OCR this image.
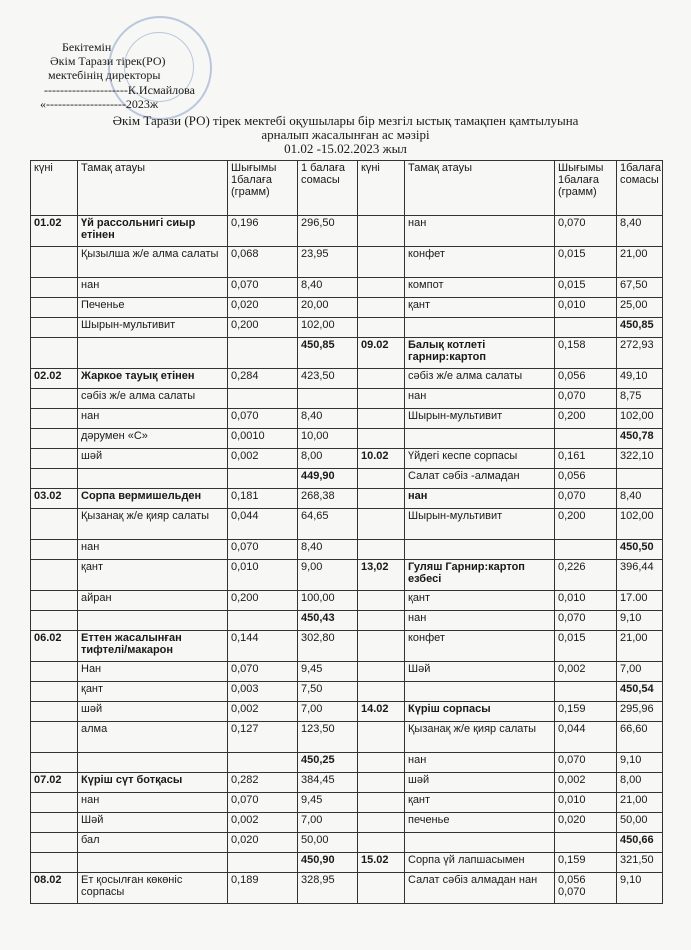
Бекітемін
Әкім Тарази тірек(РО)
мектебінің директоры
---------------------К.Исмайлова
«--------------------2023ж
Әкім Тарази (РО) тірек мектебі оқушылары бір мезгіл ыстық тамақпен қамтылуына
арналып жасалынған ас мәзірі
01.02 -15.02.2023 жыл
күні	Тамақ атауы	Шығымы 1балаға (грамм)	1 балаға сомасы	күні	Тамақ атауы	Шығымы 1балаға (грамм)	1балаға сомасы
01.02	Үй рассольнигі сиыр етінен	0,196	296,50		нан	0,070	8,40
	Қызылша ж/е алма салаты	0,068	23,95		конфет	0,015	21,00
	нан	0,070	8,40		компот	0,015	67,50
	Печенье	0,020	20,00		қант	0,010	25,00
	Шырын-мультивит	0,200	102,00				450,85
			450,85	09.02	Балық котлеті гарнир:картоп	0,158	272,93
02.02	Жаркое тауық етінен	0,284	423,50		сәбіз ж/е алма салаты	0,056	49,10
	сәбіз ж/е алма салаты				нан	0,070	8,75
	нан	0,070	8,40		Шырын-мультивит	0,200	102,00
	дәрумен «С»	0,0010	10,00				450,78
	шәй	0,002	8,00	10.02	Үйдегі кеспе сорпасы	0,161	322,10
			449,90		Салат сәбіз -алмадан	0,056	
03.02	Сорпа вермишельден	0,181	268,38		нан	0,070	8,40
	Қызанақ ж/е қияр салаты	0,044	64,65		Шырын-мультивит	0,200	102,00
	нан	0,070	8,40				450,50
	қант	0,010	9,00	13,02	Гуляш Гарнир:картоп езбесі	0,226	396,44
	айран	0,200	100,00		қант	0,010	17.00
			450,43		нан	0,070	9,10
06.02	Еттен жасалынған тифтелі/макарон	0,144	302,80		конфет	0,015	21,00
	Нан	0,070	9,45		Шәй	0,002	7,00
	қант	0,003	7,50				450,54
	шәй	0,002	7,00	14.02	Күріш сорпасы	0,159	295,96
	алма	0,127	123,50		Қызанақ ж/е қияр салаты	0,044	66,60
			450,25		нан	0,070	9,10
07.02	Күріш сүт ботқасы	0,282	384,45		шәй	0,002	8,00
	нан	0,070	9,45		қант	0,010	21,00
	Шәй	0,002	7,00		печенье	0,020	50,00
	бал	0,020	50,00				450,66
			450,90	15.02	Сорпа үй лапшасымен	0,159	321,50
08.02	Ет қосылған көкөніс сорпасы	0,189	328,95		Салат сәбіз алмадан нан	0,056 0,070	9,10
